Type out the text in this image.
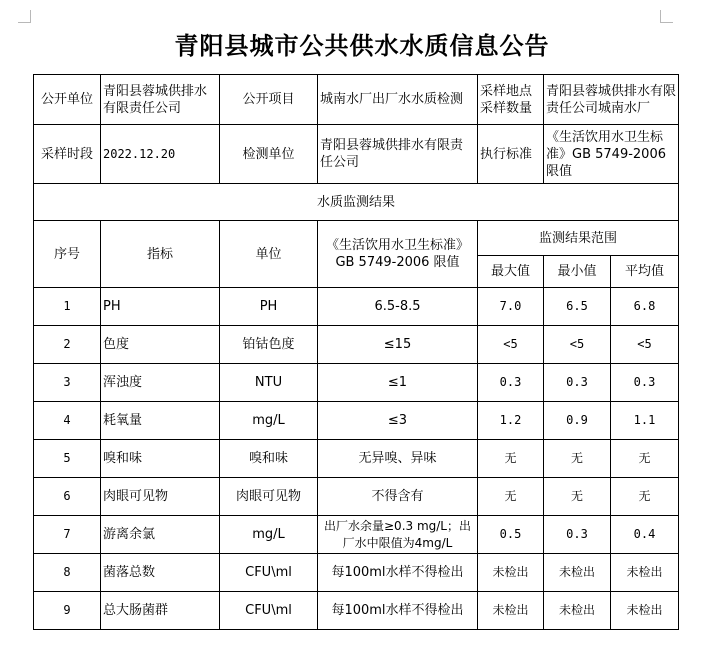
青阳县城市公共供水水质信息公告
公开单位	青阳县蓉城供排水有限责任公司	公开项目	城南水厂出厂水水质检测	采样地点采样数量	青阳县蓉城供排水有限责任公司城南水厂	
采样时段	2022.12.20	检测单位	青阳县蓉城供排水有限责任公司	执行标准	《生活饮用水卫生标准》GB 5749-2006 限值	
水质监测结果						
序号	指标	单位	《生活饮用水卫生标准》GB 5749-2006 限值	监测结果范围		
				最大值	最小值	平均值
1	PH	PH	6.5-8.5	7.0	6.5	6.8
2	色度	铂钴色度	≤15	<5	<5	<5
3	浑浊度	NTU	≤1	0.3	0.3	0.3
4	耗氧量	mg/L	≤3	1.2	0.9	1.1
5	嗅和味	嗅和味	无异嗅、异味	无	无	无
6	肉眼可见物	肉眼可见物	不得含有	无	无	无
7	游离余氯	mg/L	出厂水余量≥0.3 mg/L；出厂水中限值为4mg/L	0.5	0.3	0.4
8	菌落总数	CFU\ml	每100ml水样不得检出	未检出	未检出	未检出
9	总大肠菌群	CFU\ml	每100ml水样不得检出	未检出	未检出	未检出
